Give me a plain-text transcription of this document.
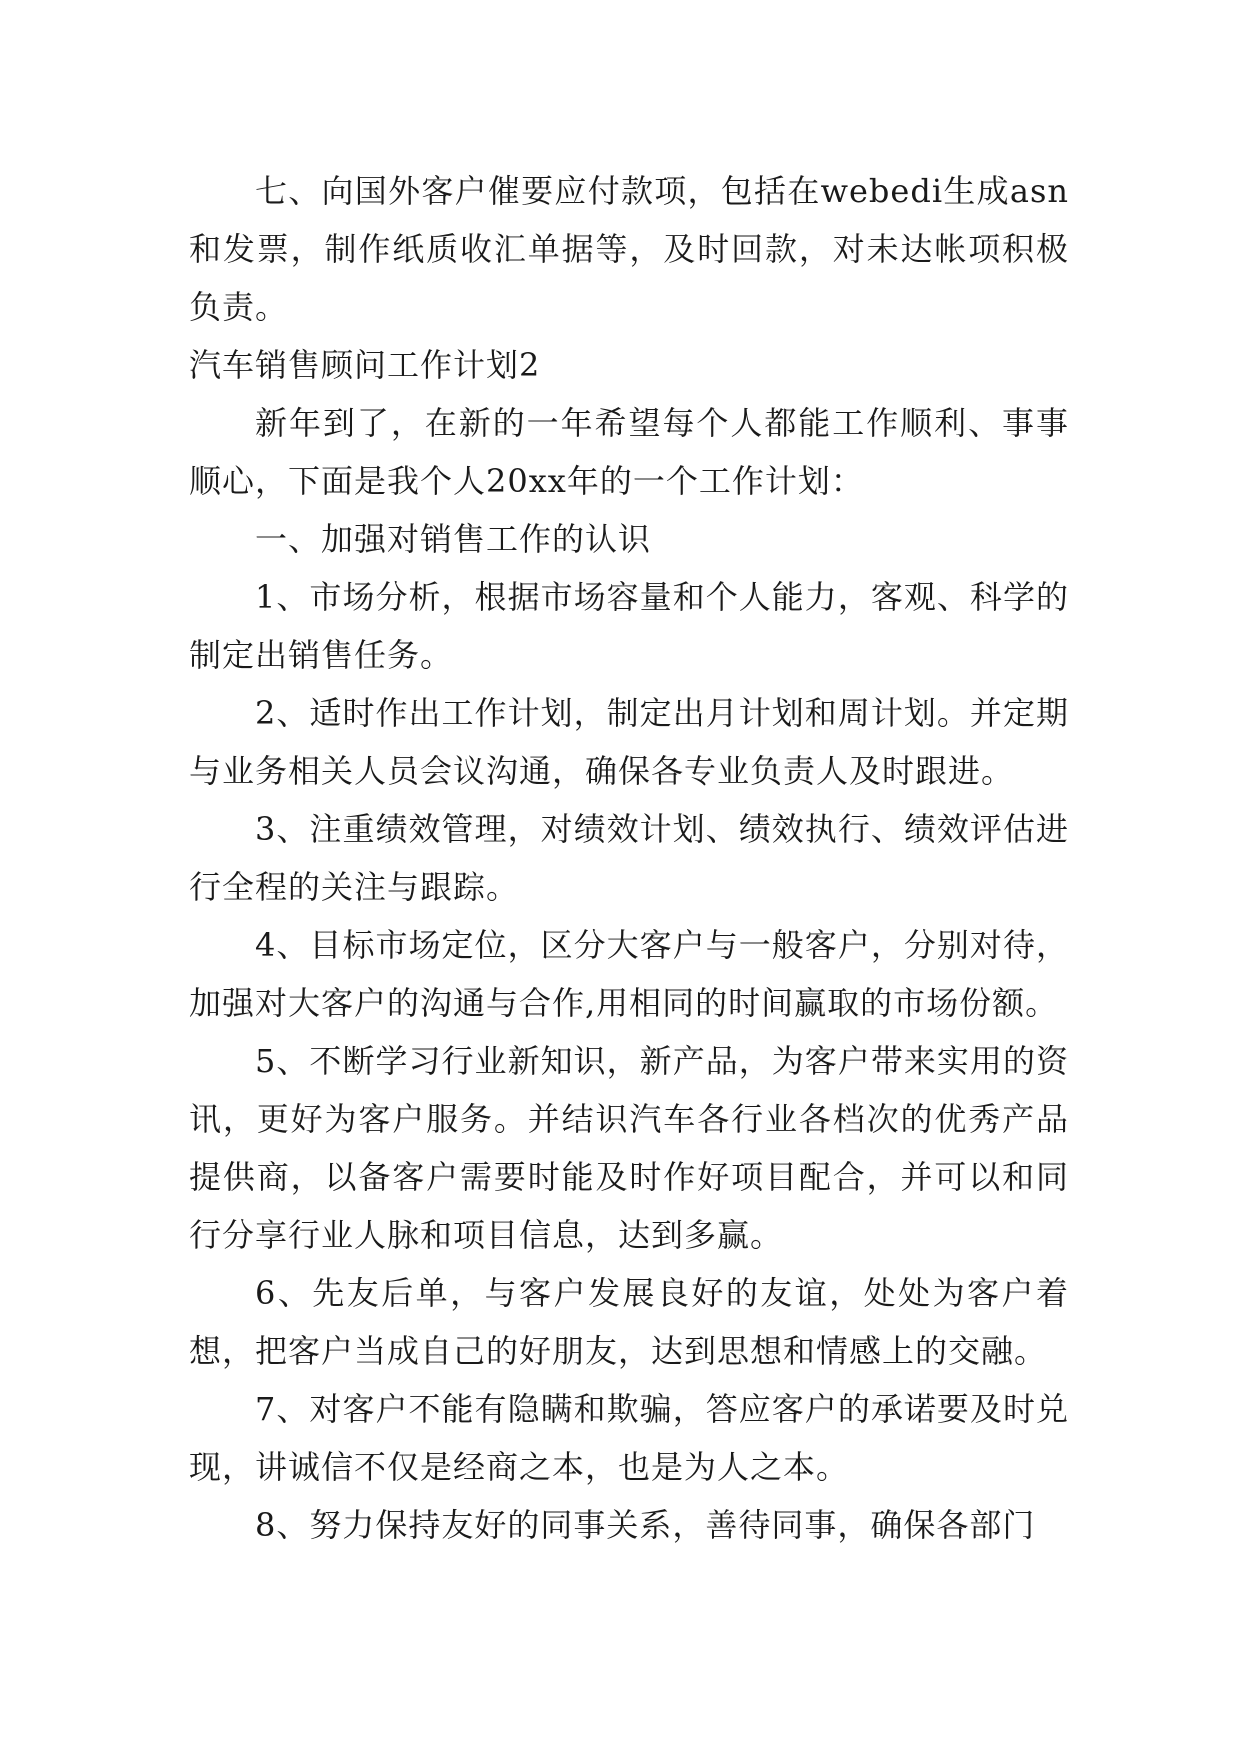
七、向国外客户催要应付款项，包括在webedi生成asn和发票，制作纸质收汇单据等，及时回款，对未达帐项积极负责。

汽车销售顾问工作计划2

新年到了，在新的一年希望每个人都能工作顺利、事事顺心，下面是我个人20xx年的一个工作计划：

一、加强对销售工作的认识

1、市场分析，根据市场容量和个人能力，客观、科学的制定出销售任务。

2、适时作出工作计划，制定出月计划和周计划。并定期与业务相关人员会议沟通，确保各专业负责人及时跟进。

3、注重绩效管理，对绩效计划、绩效执行、绩效评估进行全程的关注与跟踪。

4、目标市场定位，区分大客户与一般客户，分别对待，加强对大客户的沟通与合作,用相同的时间赢取的市场份额。

5、不断学习行业新知识，新产品，为客户带来实用的资讯，更好为客户服务。并结识汽车各行业各档次的优秀产品提供商，以备客户需要时能及时作好项目配合，并可以和同行分享行业人脉和项目信息，达到多赢。

6、先友后单，与客户发展良好的友谊，处处为客户着想，把客户当成自己的好朋友，达到思想和情感上的交融。

7、对客户不能有隐瞒和欺骗，答应客户的承诺要及时兑现，讲诚信不仅是经商之本，也是为人之本。

8、努力保持友好的同事关系，善待同事，确保各部门
